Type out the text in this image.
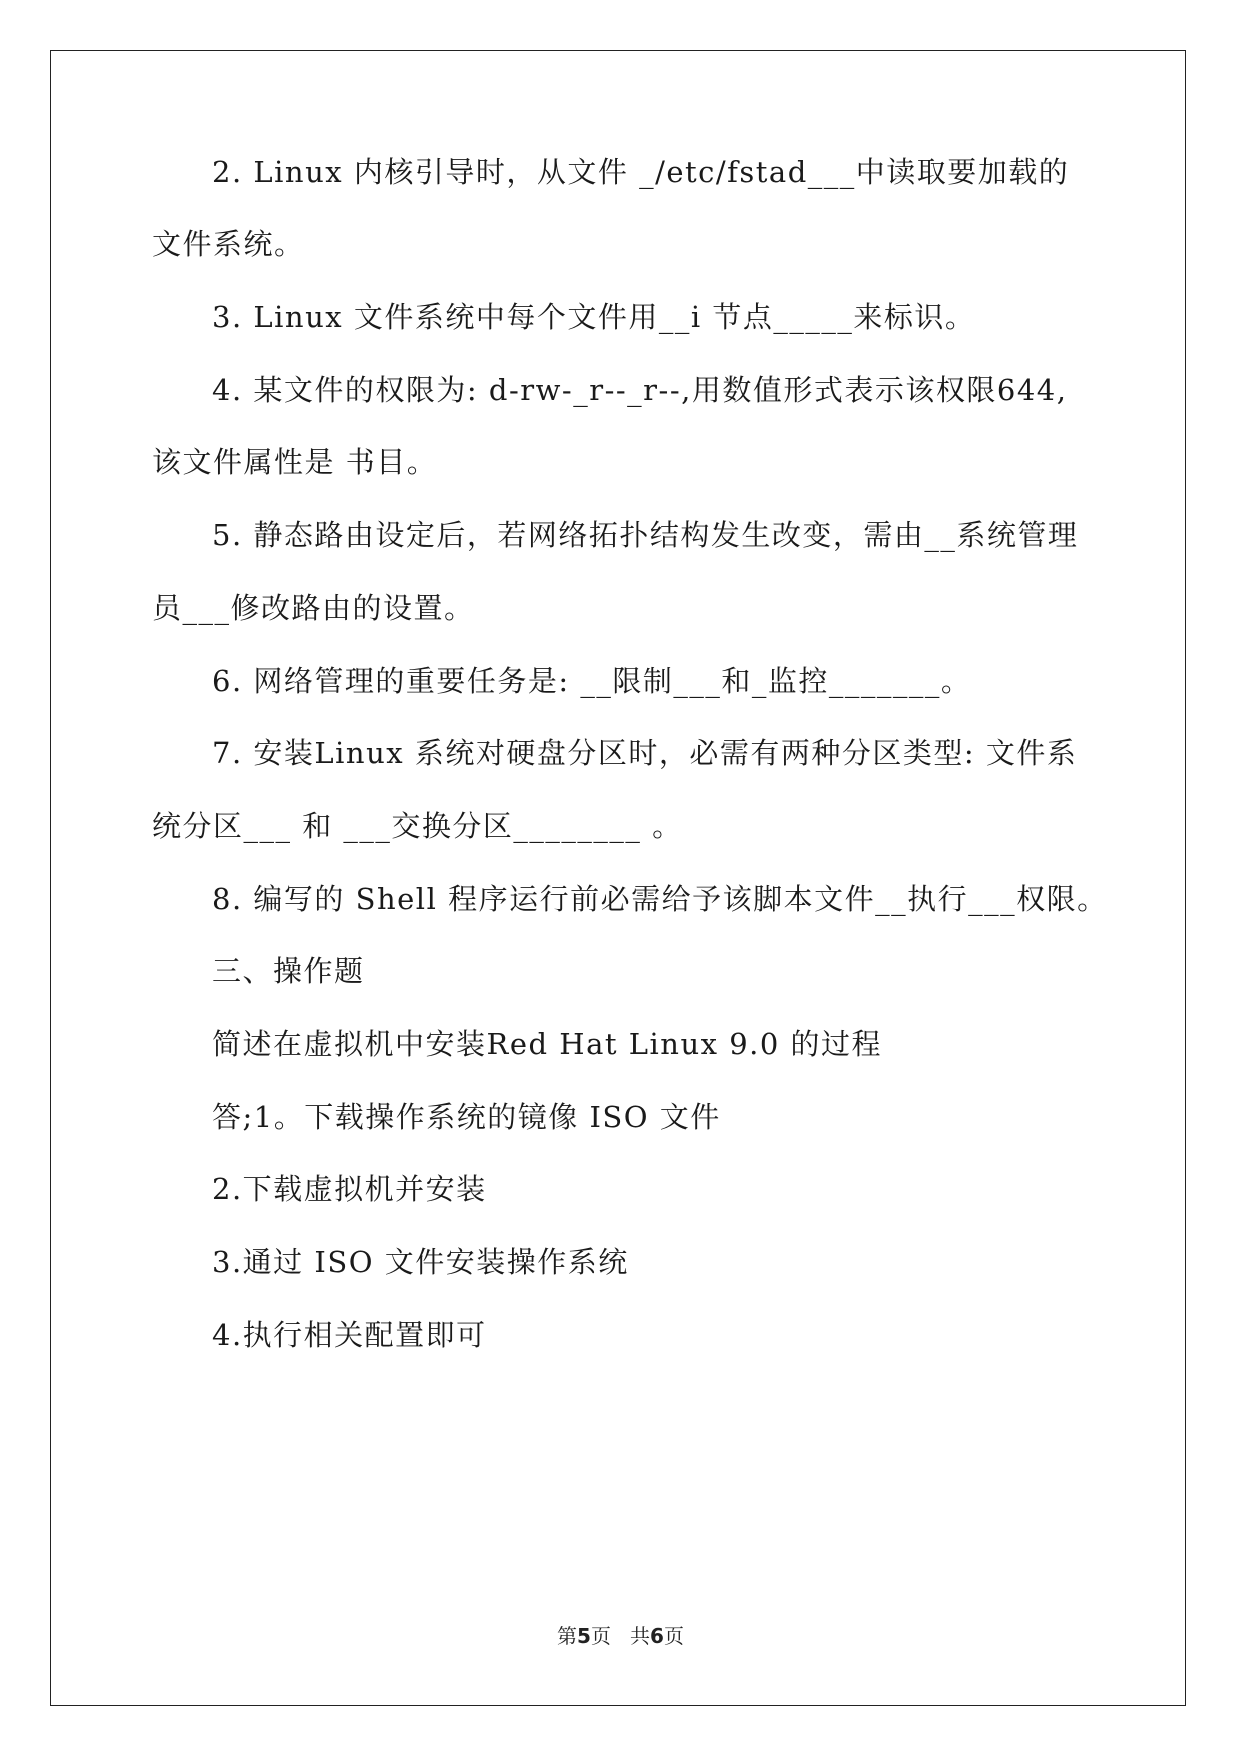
2. Linux 内核引导时，从文件 _/etc/fstad___中读取要加载的
文件系统。
3. Linux 文件系统中每个文件用__i 节点_____来标识。
4. 某文件的权限为: d-rw-_r--_r--,用数值形式表示该权限644,
该文件属性是 书目。
5. 静态路由设定后，若网络拓扑结构发生改变，需由__系统管理
员___修改路由的设置。
6. 网络管理的重要任务是: __限制___和_监控_______。
7. 安装Linux 系统对硬盘分区时，必需有两种分区类型: 文件系
统分区___ 和 ___交换分区________ 。
8. 编写的 Shell 程序运行前必需给予该脚本文件__执行___权限。
三、操作题
简述在虚拟机中安装Red Hat Linux 9.0 的过程
答;1。下载操作系统的镜像 ISO 文件
2.下载虚拟机并安装
3.通过 ISO 文件安装操作系统
4.执行相关配置即可
第5页   共6页
